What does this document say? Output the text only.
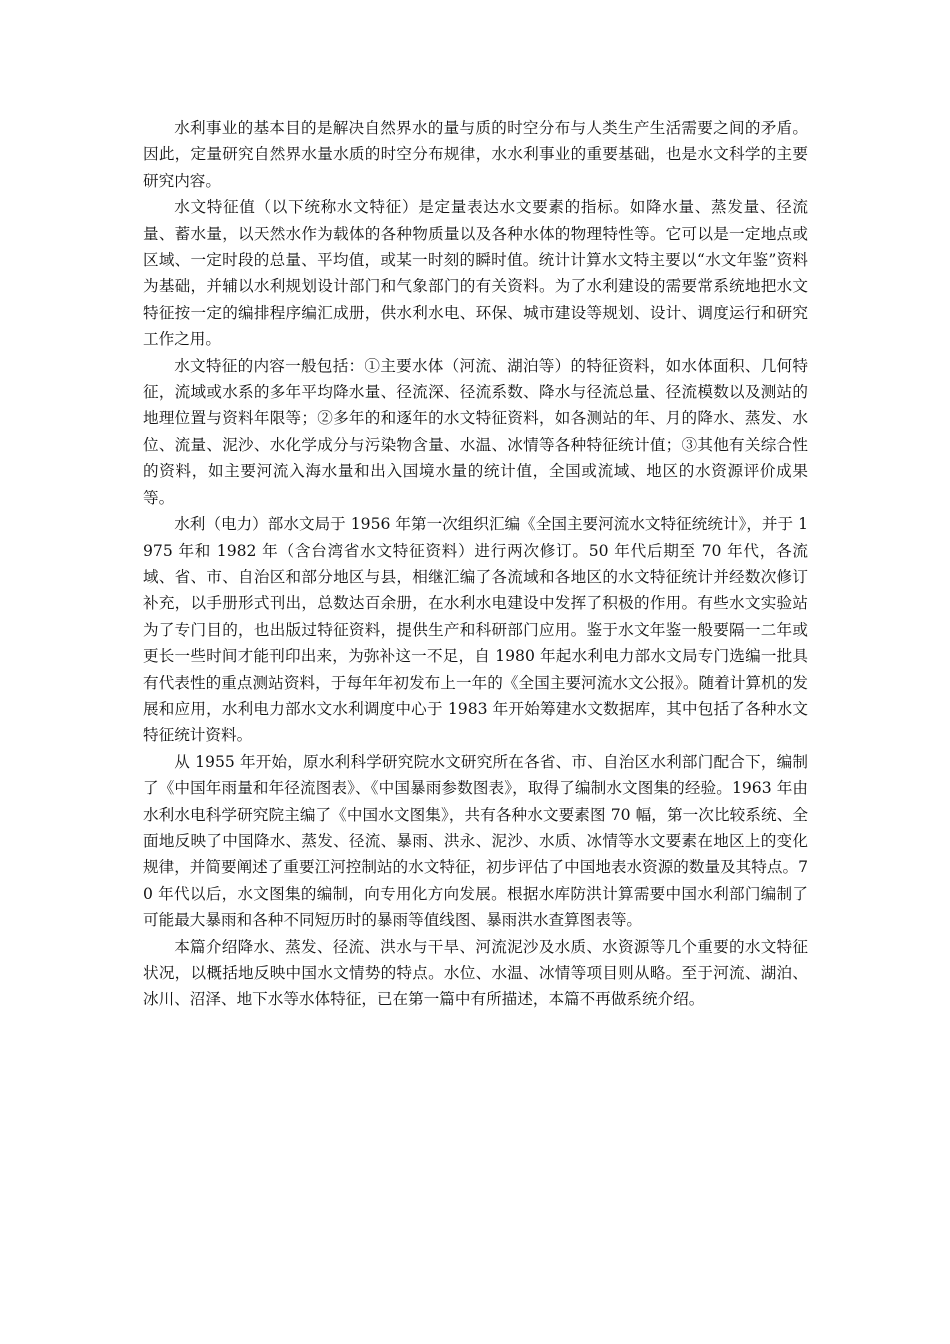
水利事业的基本目的是解决自然界水的量与质的时空分布与人类生产生活需要之间的矛盾。因此，定量研究自然界水量水质的时空分布规律，水水利事业的重要基础，也是水文科学的主要研究内容。

水文特征值（以下统称水文特征）是定量表达水文要素的指标。如降水量、蒸发量、径流量、蓄水量，以天然水作为载体的各种物质量以及各种水体的物理特性等。它可以是一定地点或区域、一定时段的总量、平均值，或某一时刻的瞬时值。统计计算水文特主要以“水文年鉴”资料为基础，并辅以水利规划设计部门和气象部门的有关资料。为了水利建设的需要常系统地把水文特征按一定的编排程序编汇成册，供水利水电、环保、城市建设等规划、设计、调度运行和研究工作之用。

水文特征的内容一般包括：①主要水体（河流、湖泊等）的特征资料，如水体面积、几何特征，流域或水系的多年平均降水量、径流深、径流系数、降水与径流总量、径流模数以及测站的地理位置与资料年限等；②多年的和逐年的水文特征资料，如各测站的年、月的降水、蒸发、水位、流量、泥沙、水化学成分与污染物含量、水温、冰情等各种特征统计值；③其他有关综合性的资料，如主要河流入海水量和出入国境水量的统计值，全国或流域、地区的水资源评价成果等。

水利（电力）部水文局于 1956 年第一次组织汇编《全国主要河流水文特征统统计》，并于 1975 年和 1982 年（含台湾省水文特征资料）进行两次修订。50 年代后期至 70 年代，各流域、省、市、自治区和部分地区与县，相继汇编了各流域和各地区的水文特征统计并经数次修订补充，以手册形式刊出，总数达百余册，在水利水电建设中发挥了积极的作用。有些水文实验站为了专门目的，也出版过特征资料，提供生产和科研部门应用。鉴于水文年鉴一般要隔一二年或更长一些时间才能刊印出来，为弥补这一不足，自 1980 年起水利电力部水文局专门选编一批具有代表性的重点测站资料，于每年年初发布上一年的《全国主要河流水文公报》。随着计算机的发展和应用，水利电力部水文水利调度中心于 1983 年开始筹建水文数据库，其中包括了各种水文特征统计资料。

从 1955 年开始，原水利科学研究院水文研究所在各省、市、自治区水利部门配合下，编制了《中国年雨量和年径流图表》、《中国暴雨参数图表》，取得了编制水文图集的经验。1963 年由水利水电科学研究院主编了《中国水文图集》，共有各种水文要素图 70 幅，第一次比较系统、全面地反映了中国降水、蒸发、径流、暴雨、洪永、泥沙、水质、冰情等水文要素在地区上的变化规律，并简要阐述了重要江河控制站的水文特征，初步评估了中国地表水资源的数量及其特点。70 年代以后，水文图集的编制，向专用化方向发展。根据水库防洪计算需要中国水利部门编制了可能最大暴雨和各种不同短历时的暴雨等值线图、暴雨洪水查算图表等。

本篇介绍降水、蒸发、径流、洪水与干旱、河流泥沙及水质、水资源等几个重要的水文特征状况，以概括地反映中国水文情势的特点。水位、水温、冰情等项目则从略。至于河流、湖泊、冰川、沼泽、地下水等水体特征，已在第一篇中有所描述，本篇不再做系统介绍。
